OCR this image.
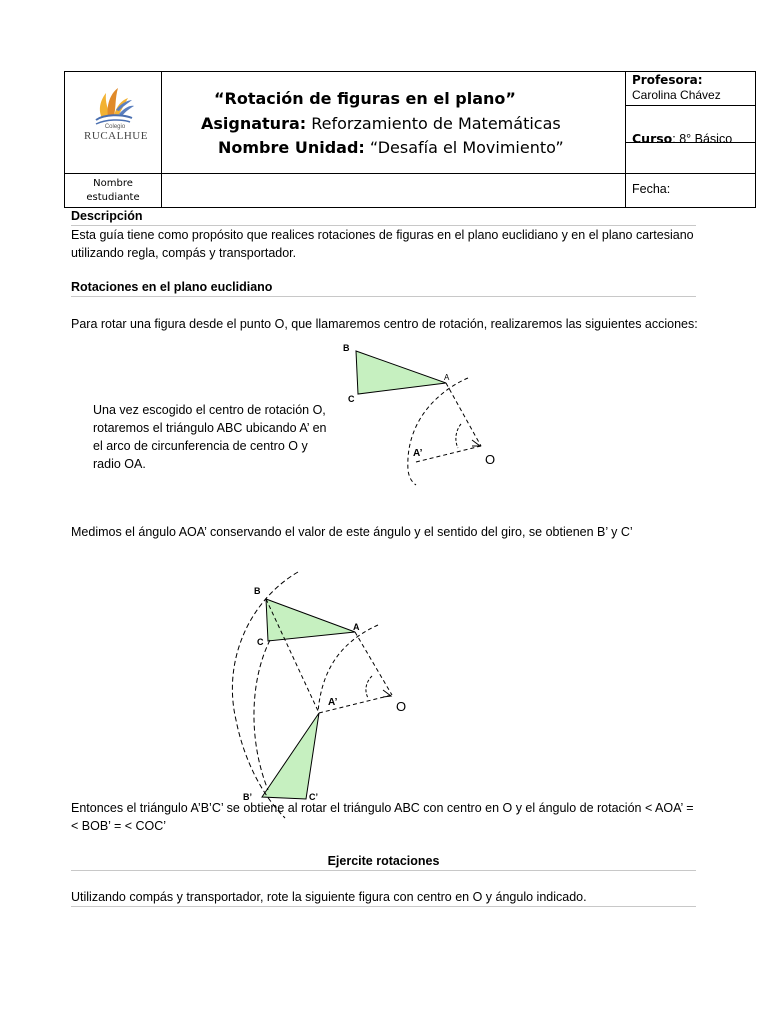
Colegio
RUCALHUE
“Rotación de figuras en el plano”
Asignatura: Reforzamiento de Matemáticas
Nombre Unidad: “Desafía el Movimiento”
Profesora:
Carolina Chávez
Curso: 8° Básico
Nombre
estudiante
Fecha:
Descripción
Esta guía tiene como propósito que realices rotaciones de figuras en el plano euclidiano y en el plano cartesiano
utilizando regla, compás y transportador.
Rotaciones en el plano euclidiano
Para rotar una figura desde el punto O, que llamaremos centro de rotación, realizaremos las siguientes acciones:
Una vez escogido el centro de rotación O,
rotaremos el triángulo ABC ubicando A’ en
el arco de circunferencia de centro O y
radio OA.
B
C
A
A’	O
Medimos el ángulo AOA’ conservando el valor de este ángulo y el sentido del giro, se obtienen B’ y C’
B
C
A
A’	O
B’	C’
Entonces el triángulo A’B’C’ se obtiene al rotar el triángulo ABC con centro en O y el ángulo de rotación < AOA’ =
< BOB’ = < COC’
Ejercite rotaciones
Utilizando compás y transportador, rote la siguiente figura con centro en O y ángulo indicado.
